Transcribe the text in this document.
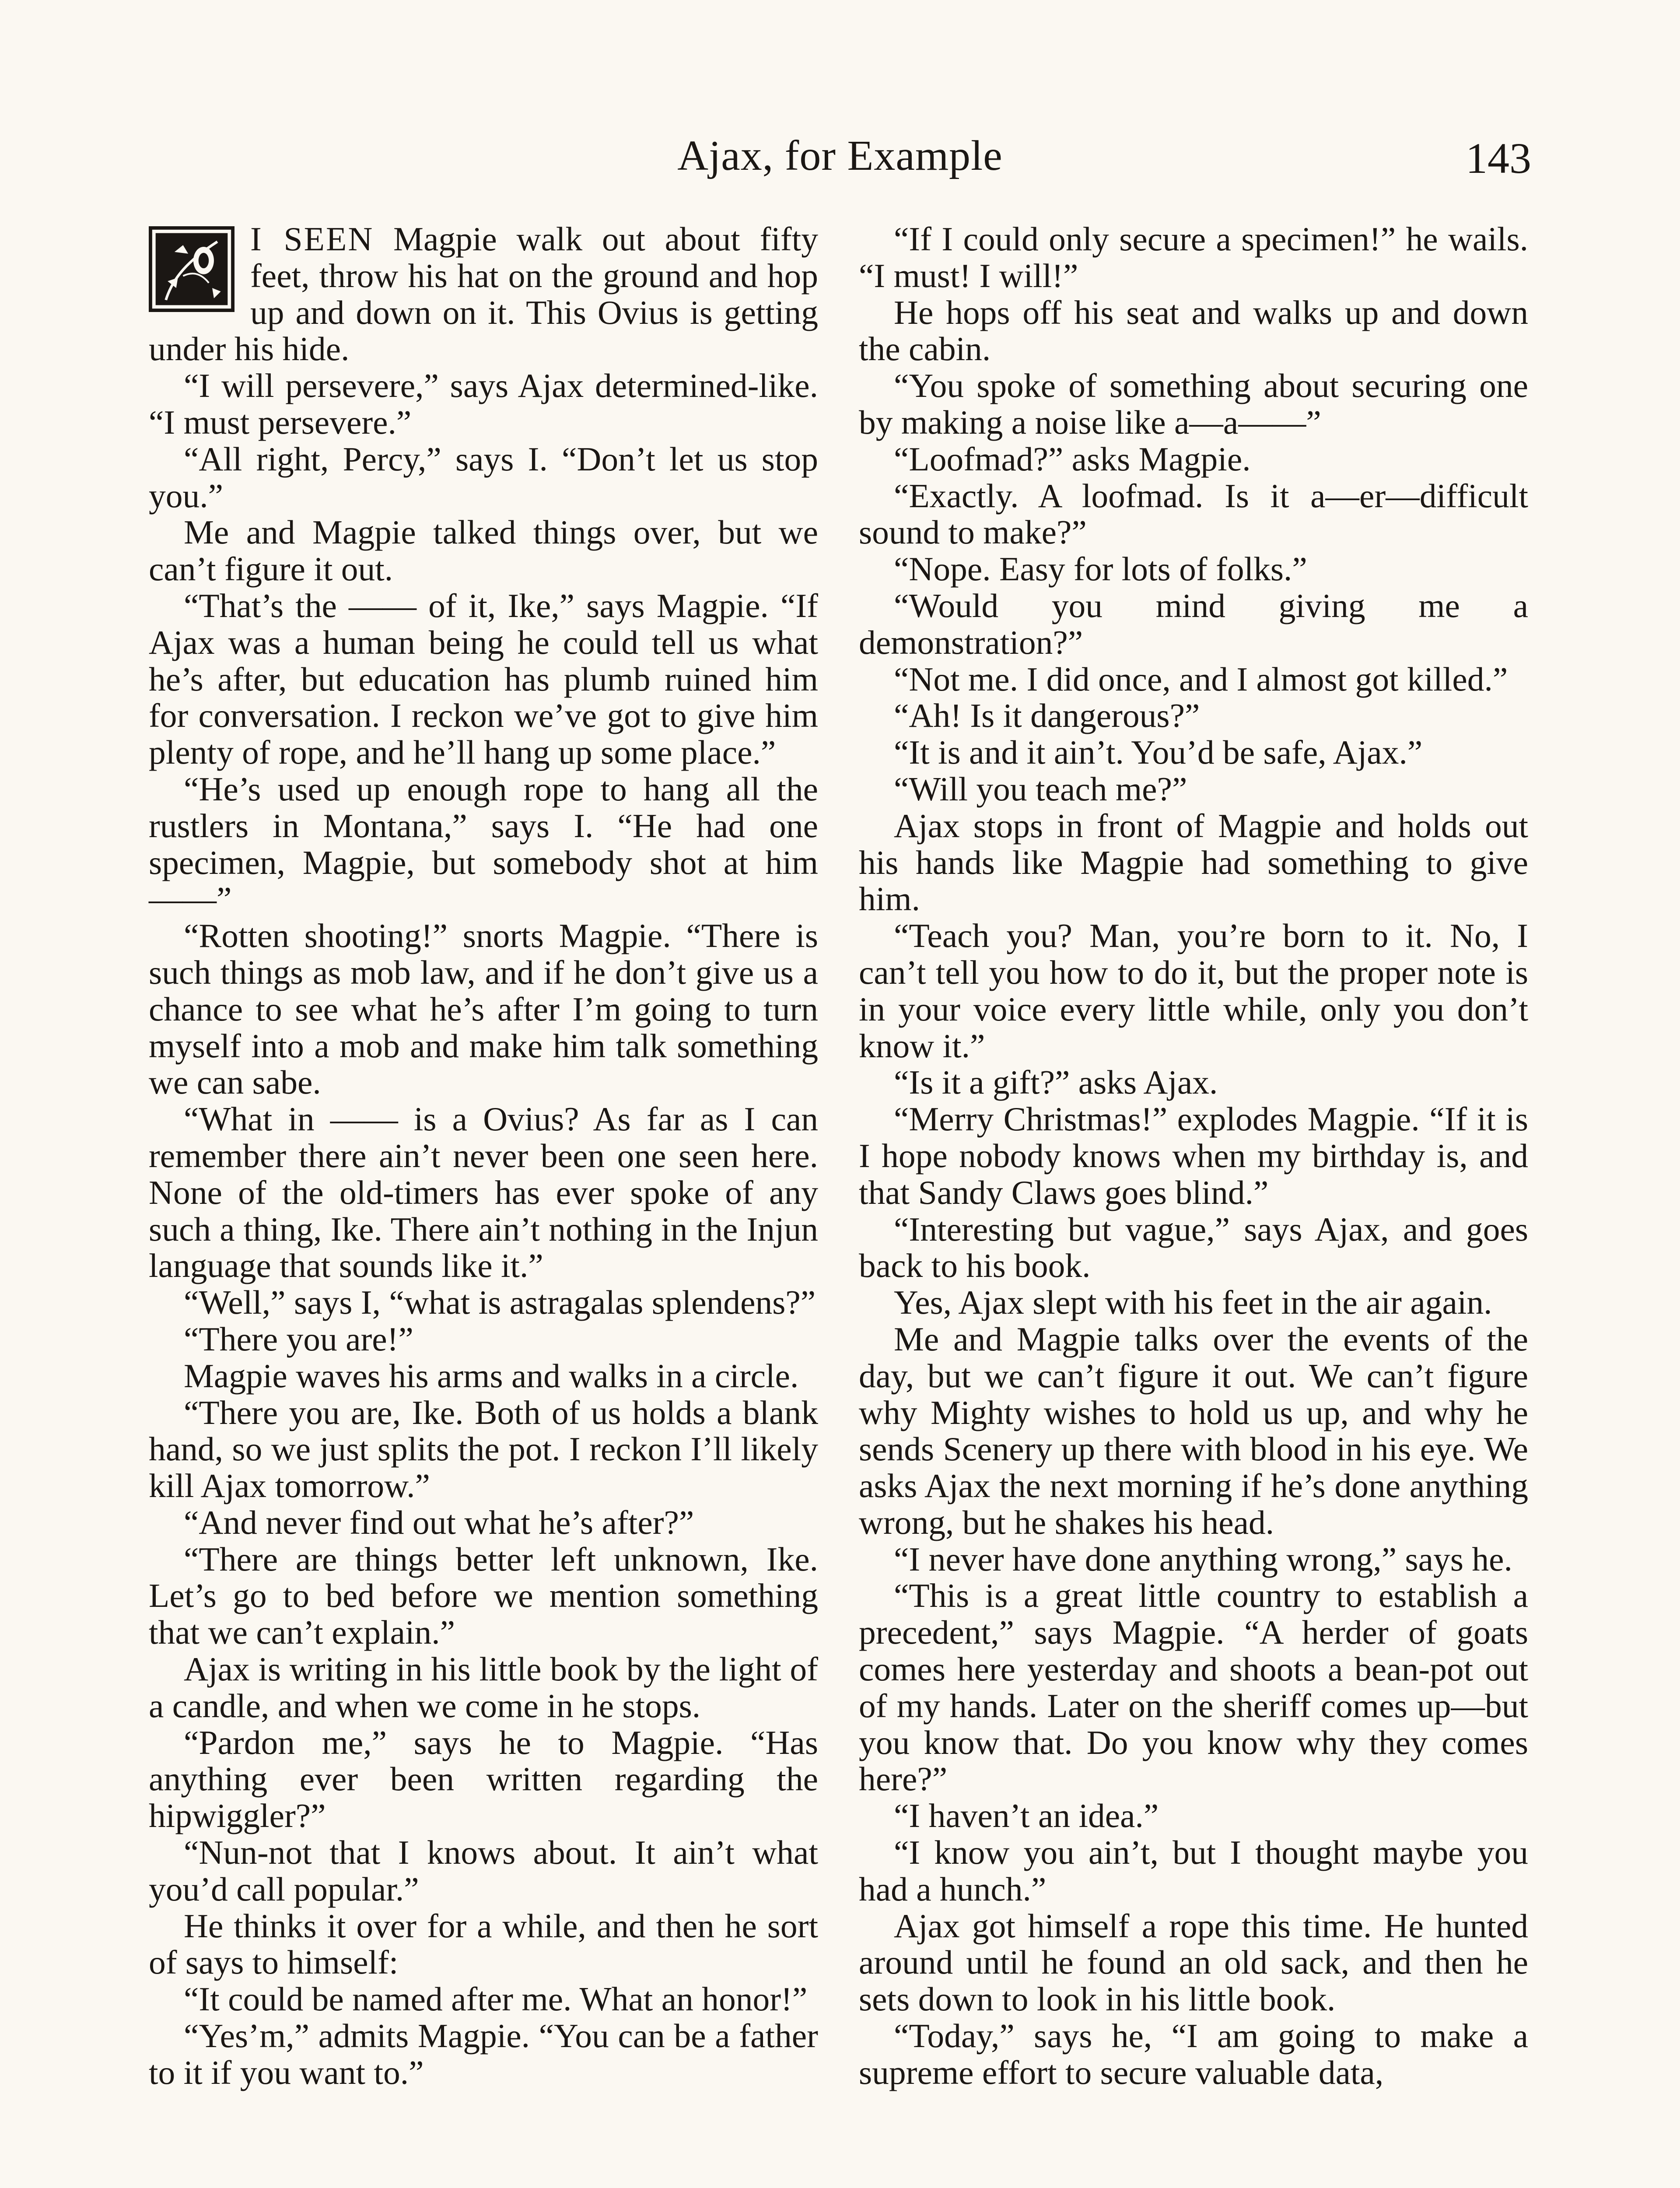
Ajax, for Example	143

I SEEN Magpie walk out about fifty feet, throw his hat on the ground and hop up and down on it. This Ovius is getting under his hide.

“I will persevere,” says Ajax determined-like. “I must persevere.”

“All right, Percy,” says I. “Don’t let us stop you.”

Me and Magpie talked things over, but we can’t figure it out.

“That’s the —— of it, Ike,” says Magpie. “If Ajax was a human being he could tell us what he’s after, but education has plumb ruined him for conversation. I reckon we’ve got to give him plenty of rope, and he’ll hang up some place.”

“He’s used up enough rope to hang all the rustlers in Montana,” says I. “He had one specimen, Magpie, but somebody shot at him——”

“Rotten shooting!” snorts Magpie. “There is such things as mob law, and if he don’t give us a chance to see what he’s after I’m going to turn myself into a mob and make him talk something we can sabe.

“What in —— is a Ovius? As far as I can remember there ain’t never been one seen here. None of the old-timers has ever spoke of any such a thing, Ike. There ain’t nothing in the Injun language that sounds like it.”

“Well,” says I, “what is astragalas splendens?”

“There you are!”

Magpie waves his arms and walks in a circle.

“There you are, Ike. Both of us holds a blank hand, so we just splits the pot. I reckon I’ll likely kill Ajax tomorrow.”

“And never find out what he’s after?”

“There are things better left unknown, Ike. Let’s go to bed before we mention something that we can’t explain.”

Ajax is writing in his little book by the light of a candle, and when we come in he stops.

“Pardon me,” says he to Magpie. “Has anything ever been written regarding the hipwiggler?”

“Nun-not that I knows about. It ain’t what you’d call popular.”

He thinks it over for a while, and then he sort of says to himself:

“It could be named after me. What an honor!”

“Yes’m,” admits Magpie. “You can be a father to it if you want to.”

“If I could only secure a specimen!” he wails. “I must! I will!”

He hops off his seat and walks up and down the cabin.

“You spoke of something about securing one by making a noise like a—a——”

“Loofmad?” asks Magpie.

“Exactly. A loofmad. Is it a—er—difficult sound to make?”

“Nope. Easy for lots of folks.”

“Would you mind giving me a demonstration?”

“Not me. I did once, and I almost got killed.”

“Ah! Is it dangerous?”

“It is and it ain’t. You’d be safe, Ajax.”

“Will you teach me?”

Ajax stops in front of Magpie and holds out his hands like Magpie had something to give him.

“Teach you? Man, you’re born to it. No, I can’t tell you how to do it, but the proper note is in your voice every little while, only you don’t know it.”

“Is it a gift?” asks Ajax.

“Merry Christmas!” explodes Magpie. “If it is I hope nobody knows when my birthday is, and that Sandy Claws goes blind.”

“Interesting but vague,” says Ajax, and goes back to his book.

Yes, Ajax slept with his feet in the air again.

Me and Magpie talks over the events of the day, but we can’t figure it out. We can’t figure why Mighty wishes to hold us up, and why he sends Scenery up there with blood in his eye. We asks Ajax the next morning if he’s done anything wrong, but he shakes his head.

“I never have done anything wrong,” says he.

“This is a great little country to establish a precedent,” says Magpie. “A herder of goats comes here yesterday and shoots a bean-pot out of my hands. Later on the sheriff comes up—but you know that. Do you know why they comes here?”

“I haven’t an idea.”

“I know you ain’t, but I thought maybe you had a hunch.”

Ajax got himself a rope this time. He hunted around until he found an old sack, and then he sets down to look in his little book.

“Today,” says he, “I am going to make a supreme effort to secure valuable data,
